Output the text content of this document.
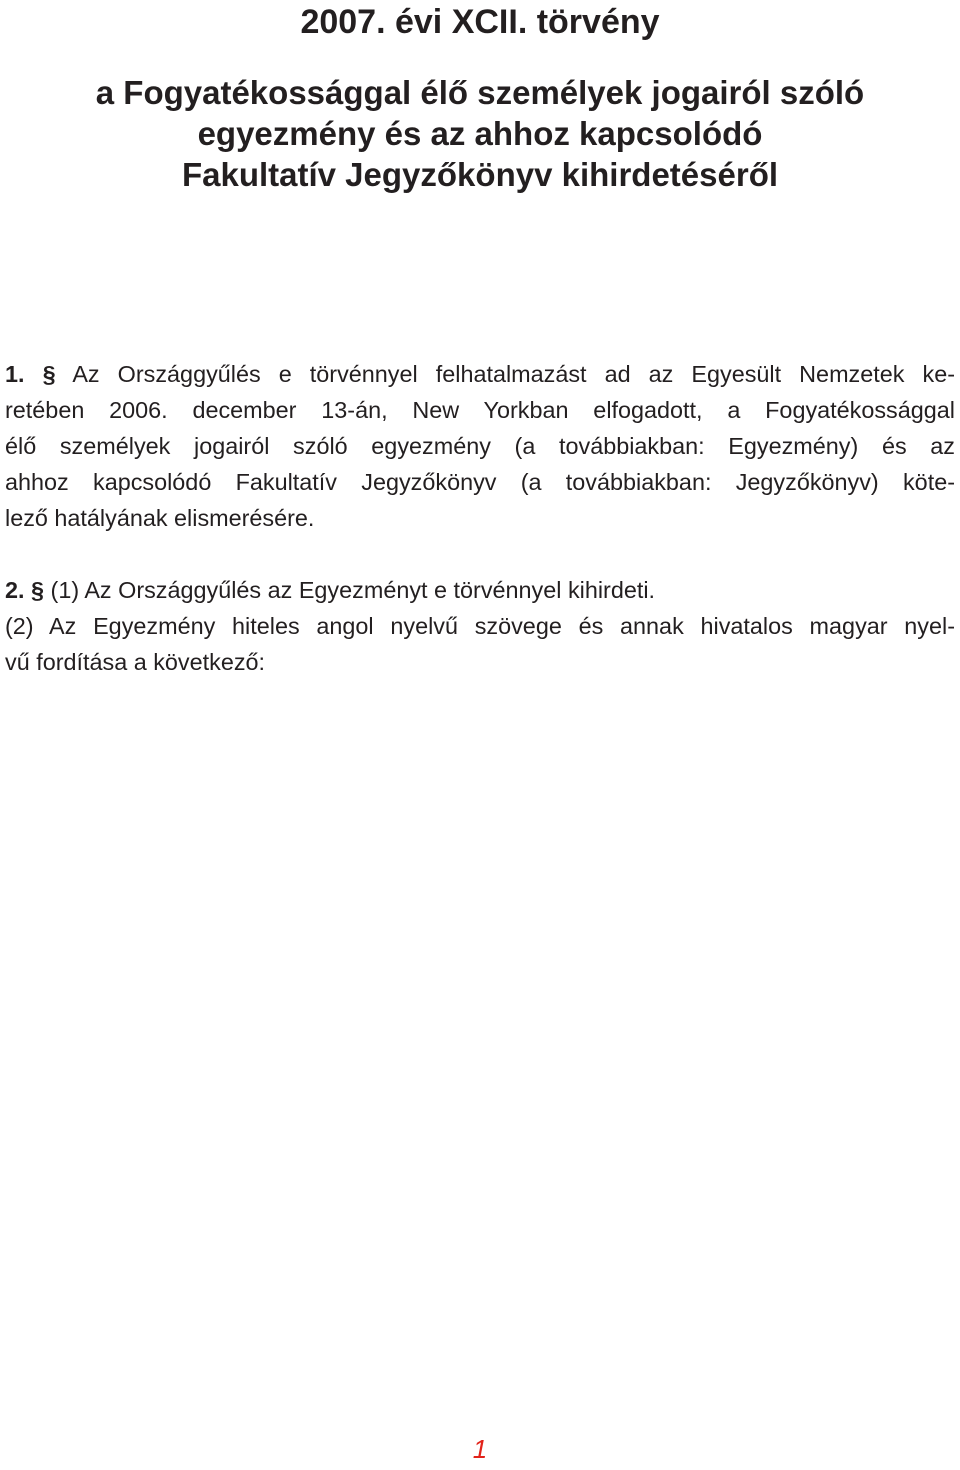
2007. évi XCII. törvény
a Fogyatékossággal élő személyek jogairól szóló
egyezmény és az ahhoz kapcsolódó
Fakultatív Jegyzőkönyv kihirdetéséről
1. § Az Országgyűlés e törvénnyel felhatalmazást ad az Egyesült Nemzetek ke-
retében 2006. december 13-án, New Yorkban elfogadott, a Fogyatékossággal
élő személyek jogairól szóló egyezmény (a továbbiakban: Egyezmény) és az
ahhoz kapcsolódó Fakultatív Jegyzőkönyv (a továbbiakban: Jegyzőkönyv) köte-
lező hatályának elismerésére.
2. § (1) Az Országgyűlés az Egyezményt e törvénnyel kihirdeti.
(2) Az Egyezmény hiteles angol nyelvű szövege és annak hivatalos magyar nyel-
vű fordítása a következő:
1
